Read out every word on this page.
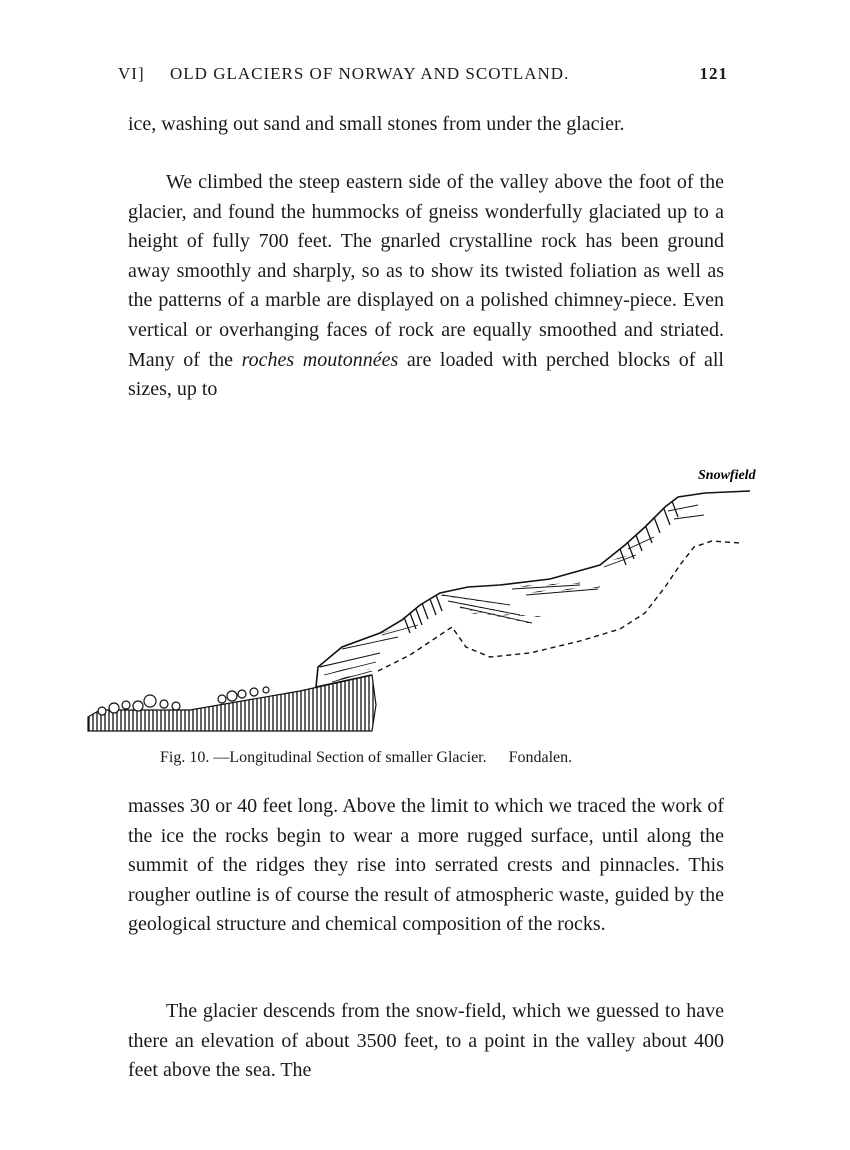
VI] OLD GLACIERS OF NORWAY AND SCOTLAND.	121

ice, washing out sand and small stones from under the glacier.

We climbed the steep eastern side of the valley above the foot of the glacier, and found the hummocks of gneiss wonderfully glaciated up to a height of fully 700 feet. The gnarled crystalline rock has been ground away smoothly and sharply, so as to show its twisted foliation as well as the patterns of a marble are displayed on a polished chimney-piece. Even vertical or overhanging faces of rock are equally smoothed and striated. Many of the roches moutonnées are loaded with perched blocks of all sizes, up to

Snowfield
Fig. 10. —Longitudinal Section of smaller Glacier. Fondalen.

masses 30 or 40 feet long. Above the limit to which we traced the work of the ice the rocks begin to wear a more rugged surface, until along the summit of the ridges they rise into serrated crests and pinnacles. This rougher outline is of course the result of atmospheric waste, guided by the geological structure and chemical composition of the rocks.

The glacier descends from the snow-field, which we guessed to have there an elevation of about 3500 feet, to a point in the valley about 400 feet above the sea. The
